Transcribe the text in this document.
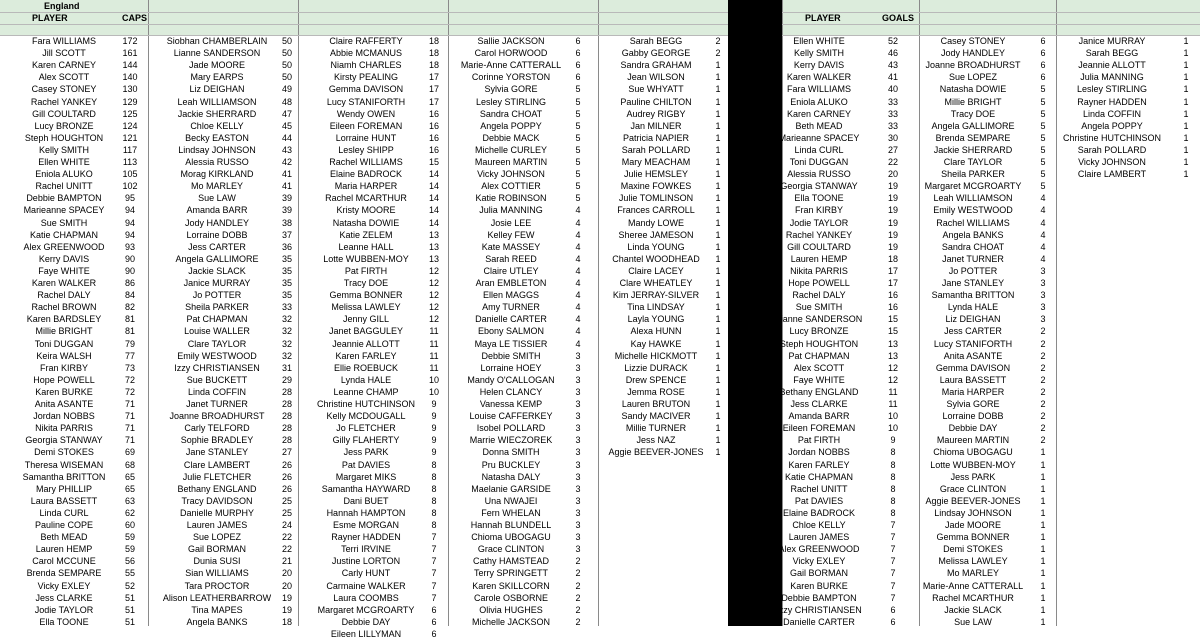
England
PLAYER	CAPS	PLAYER	GOALS
Fara WILLIAMS	172
Jill SCOTT	161
Karen CARNEY	144
Alex SCOTT	140
Casey STONEY	130
Rachel YANKEY	129
Gill COULTARD	125
Lucy BRONZE	124
Steph HOUGHTON 121
Kelly SMITH	117
Ellen WHITE	113
Eniola ALUKO	105
Rachel UNITT	102
Debbie BAMPTON	95
Marieanne SPACEY 94
Sue SMITH	94
Katie CHAPMAN	94
Alex GREENWOOD 93
Kerry DAVIS	90
Faye WHITE	90
Karen WALKER	86
Rachel DALY	84
Rachel BROWN	82
Karen BARDSLEY	81
Millie BRIGHT	81
Toni DUGGAN	79
Keira WALSH	77
Fran KIRBY	73
Hope POWELL	72
Karen BURKE	72
Anita ASANTE	71
Jordan NOBBS	71
Nikita PARRIS	71
Georgia STANWAY 71
Demi STOKES	69
Theresa WISEMAN 68
Samantha BRITTON 65
Mary PHILLIP	65
Laura BASSETT	63
Linda CURL	62
Pauline COPE	60
Beth MEAD	59
Lauren HEMP	59
Carol MCCUNE	56
Brenda SEMPARE	55
Vicky EXLEY	52
Jess CLARKE	51
Jodie TAYLOR	51
Ella TOONE	51
Siobhan CHAMBERLAIN 50
Lianne SANDERSON 50
Jade MOORE	50
Mary EARPS	50
Liz DEIGHAN	49
Leah WILLIAMSON	48
Jackie SHERRARD	47
Chloe KELLY	45
Becky EASTON	44
Lindsay JOHNSON	43
Alessia RUSSO	42
Morag KIRKLAND	41
Mo MARLEY	41
Sue LAW	39
Amanda BARR	39
Jody HANDLEY	38
Lorraine DOBB	37
Jess CARTER	36
Angela GALLIMORE	35
Jackie SLACK	35
Janice MURRAY	35
Jo POTTER	35
Sheila PARKER	33
Pat CHAPMAN	32
Louise WALLER	32
Clare TAYLOR	32
Emily WESTWOOD	32
Izzy CHRISTIANSEN 31
Sue BUCKETT	29
Linda COFFIN	28
Janet TURNER	28
Joanne BROADHURST 28
Carly TELFORD	28
Sophie BRADLEY	28
Jane STANLEY	27
Clare LAMBERT	26
Julie FLETCHER	26
Bethany ENGLAND	26
Tracy DAVIDSON	25
Danielle MURPHY	25
Lauren JAMES	24
Sue LOPEZ	22
Gail BORMAN	22
Dunia SUSI	21
Sian WILLIAMS	20
Tara PROCTOR	20
Alison LEATHERBARROW 19
Tina MAPES	19
Angela BANKS	18
Claire RAFFERTY	18
Abbie MCMANUS	18
Niamh CHARLES	18
Kirsty PEALING	17
Gemma DAVISON	17
Lucy STANIFORTH	17
Wendy OWEN	16
Eileen FOREMAN	16
Lorraine HUNT	16
Lesley SHIPP	16
Rachel WILLIAMS	15
Elaine BADROCK	14
Maria HARPER	14
Rachel MCARTHUR 14
Kristy MOORE	14
Natasha DOWIE	14
Katie ZELEM	13
Leanne HALL	13
Lotte WUBBEN-MOY 13
Pat FIRTH	12
Tracy DOE	12
Gemma BONNER	12
Melissa LAWLEY	12
Jenny GILL	12
Janet BAGGULEY	11
Jeannie ALLOTT	11
Karen FARLEY	11
Ellie ROEBUCK	11
Lynda HALE	10
Leanne CHAMP	10
Christine HUTCHINSON 9
Kelly MCDOUGALL	9
Jo FLETCHER	9
Gilly FLAHERTY	9
Jess PARK	9
Pat DAVIES	8
Margaret MIKS	8
Samantha HAYWARD 8
Dani BUET	8
Hannah HAMPTON	8
Esme MORGAN	8
Rayner HADDEN	7
Terri IRVINE	7
Justine LORTON	7
Carly HUNT	7
Carmaine WALKER	7
Laura COOMBS	7
Margaret MCGROARTY 6
Debbie DAY	6
Eileen LILLYMAN	6
Sallie JACKSON	6
Carol HORWOOD	6
Marie-Anne CATTERALL 6
Corinne YORSTON	6
Sylvia GORE	5
Lesley STIRLING	5
Sandra CHOAT	5
Angela POPPY	5
Debbie MACK	5
Michelle CURLEY	5
Maureen MARTIN	5
Vicky JOHNSON	5
Alex COTTIER	5
Katie ROBINSON	5
Julia MANNING	4
Josie LEE	4
Kelley FEW	4
Kate MASSEY	4
Sarah REED	4
Claire UTLEY	4
Aran EMBLETON	4
Ellen MAGGS	4
Amy TURNER	4
Danielle CARTER	4
Ebony SALMON	4
Maya LE TISSIER	4
Debbie SMITH	3
Lorraine HOEY	3
Mandy O'CALLOGAN 3
Helen CLANCY	3
Vanessa KEMP	3
Louise CAFFERKEY	3
Isobel POLLARD	3
Marrie WIECZOREK	3
Donna SMITH	3
Pru BUCKLEY	3
Natasha DALY	3
Maelanie GARSIDE	3
Una NWAJEI	3
Fern WHELAN	3
Hannah BLUNDELL	3
Chioma UBOGAGU	3
Grace CLINTON	3
Cathy HAMSTEAD	2
Terry SPRINGETT	2
Karen SKILLCORN	2
Carole OSBORNE	2
Olivia HUGHES	2
Michelle JACKSON	2
Sarah BEGG	2
Gabby GEORGE	2
Sandra GRAHAM	1
Jean WILSON	1
Sue WHYATT	1
Pauline CHILTON	1
Audrey RIGBY	1
Jan MILNER	1
Patricia NAPIER	1
Sarah POLLARD	1
Mary MEACHAM	1
Julie HEMSLEY	1
Maxine FOWKES	1
Julie TOMLINSON 1
Frances CARROLL 1
Mandy LOWE	1
Sheree JAMESON 1
Linda YOUNG	1
Chantel WOODHEAD 1
Claire LACEY	1
Clare WHEATLEY	1
Kim JERRAY-SILVER 1
Tina LINDSAY	1
Layla YOUNG	1
Alexa HUNN	1
Kay HAWKE	1
Michelle HICKMOTT 1
Lizzie DURACK	1
Drew SPENCE	1
Jemma ROSE	1
Lauren BRUTON	1
Sandy MACIVER	1
Millie TURNER	1
Jess NAZ	1
Aggie BEEVER-JONES 1
Ellen WHITE	52
Kelly SMITH	46
Kerry DAVIS	43
Karen WALKER	41
Fara WILLIAMS	40
Eniola ALUKO	33
Karen CARNEY	33
Beth MEAD	33
Marieanne SPACEY	30
Linda CURL	27
Toni DUGGAN	22
Alessia RUSSO	20
Georgia STANWAY	19
Ella TOONE	19
Fran KIRBY	19
Jodie TAYLOR	19
Rachel YANKEY	19
Gill COULTARD	19
Lauren HEMP	18
Nikita PARRIS	17
Hope POWELL	17
Rachel DALY	16
Sue SMITH	16
Lianne SANDERSON	15
Lucy BRONZE	15
Steph HOUGHTON	13
Pat CHAPMAN	13
Alex SCOTT	12
Faye WHITE	12
Bethany ENGLAND	11
Jess CLARKE	11
Amanda BARR	10
Eileen FOREMAN	10
Pat FIRTH	9
Jordan NOBBS	8
Karen FARLEY	8
Katie CHAPMAN	8
Rachel UNITT	8
Pat DAVIES	8
Elaine BADROCK	8
Chloe KELLY	7
Lauren JAMES	7
Alex GREENWOOD	7
Vicky EXLEY	7
Gail BORMAN	7
Karen BURKE	7
Debbie BAMPTON	7
Izzy CHRISTIANSEN	6
Danielle CARTER	6
Casey STONEY	6
Jody HANDLEY	6
Joanne BROADHURST 6
Sue LOPEZ	6
Natasha DOWIE	5
Millie BRIGHT	5
Tracy DOE	5
Angela GALLIMORE	5
Brenda SEMPARE	5
Jackie SHERRARD	5
Clare TAYLOR	5
Sheila PARKER	5
Margaret MCGROARTY 5
Leah WILLIAMSON	4
Emily WESTWOOD	4
Rachel WILLIAMS	4
Angela BANKS	4
Sandra CHOAT	4
Janet TURNER	4
Jo POTTER	3
Jane STANLEY	3
Samantha BRITTON	3
Lynda HALE	3
Liz DEIGHAN	3
Jess CARTER	2
Lucy STANIFORTH	2
Anita ASANTE	2
Gemma DAVISON	2
Laura BASSETT	2
Maria HARPER	2
Sylvia GORE	2
Lorraine DOBB	2
Debbie DAY	2
Maureen MARTIN	2
Chioma UBOGAGU	1
Lotte WUBBEN-MOY	1
Jess PARK	1
Grace CLINTON	1
Aggie BEEVER-JONES 1
Lindsay JOHNSON	1
Jade MOORE	1
Gemma BONNER	1
Demi STOKES	1
Melissa LAWLEY	1
Mo MARLEY	1
Marie-Anne CATTERALL 1
Rachel MCARTHUR	1
Jackie SLACK	1
Sue LAW	1
Janice MURRAY	1
Sarah BEGG	1
Jeannie ALLOTT	1
Julia MANNING	1
Lesley STIRLING	1
Rayner HADDEN	1
Linda COFFIN	1
Angela POPPY	1
Christine HUTCHINSON 1
Sarah POLLARD	1
Vicky JOHNSON	1
Claire LAMBERT	1
